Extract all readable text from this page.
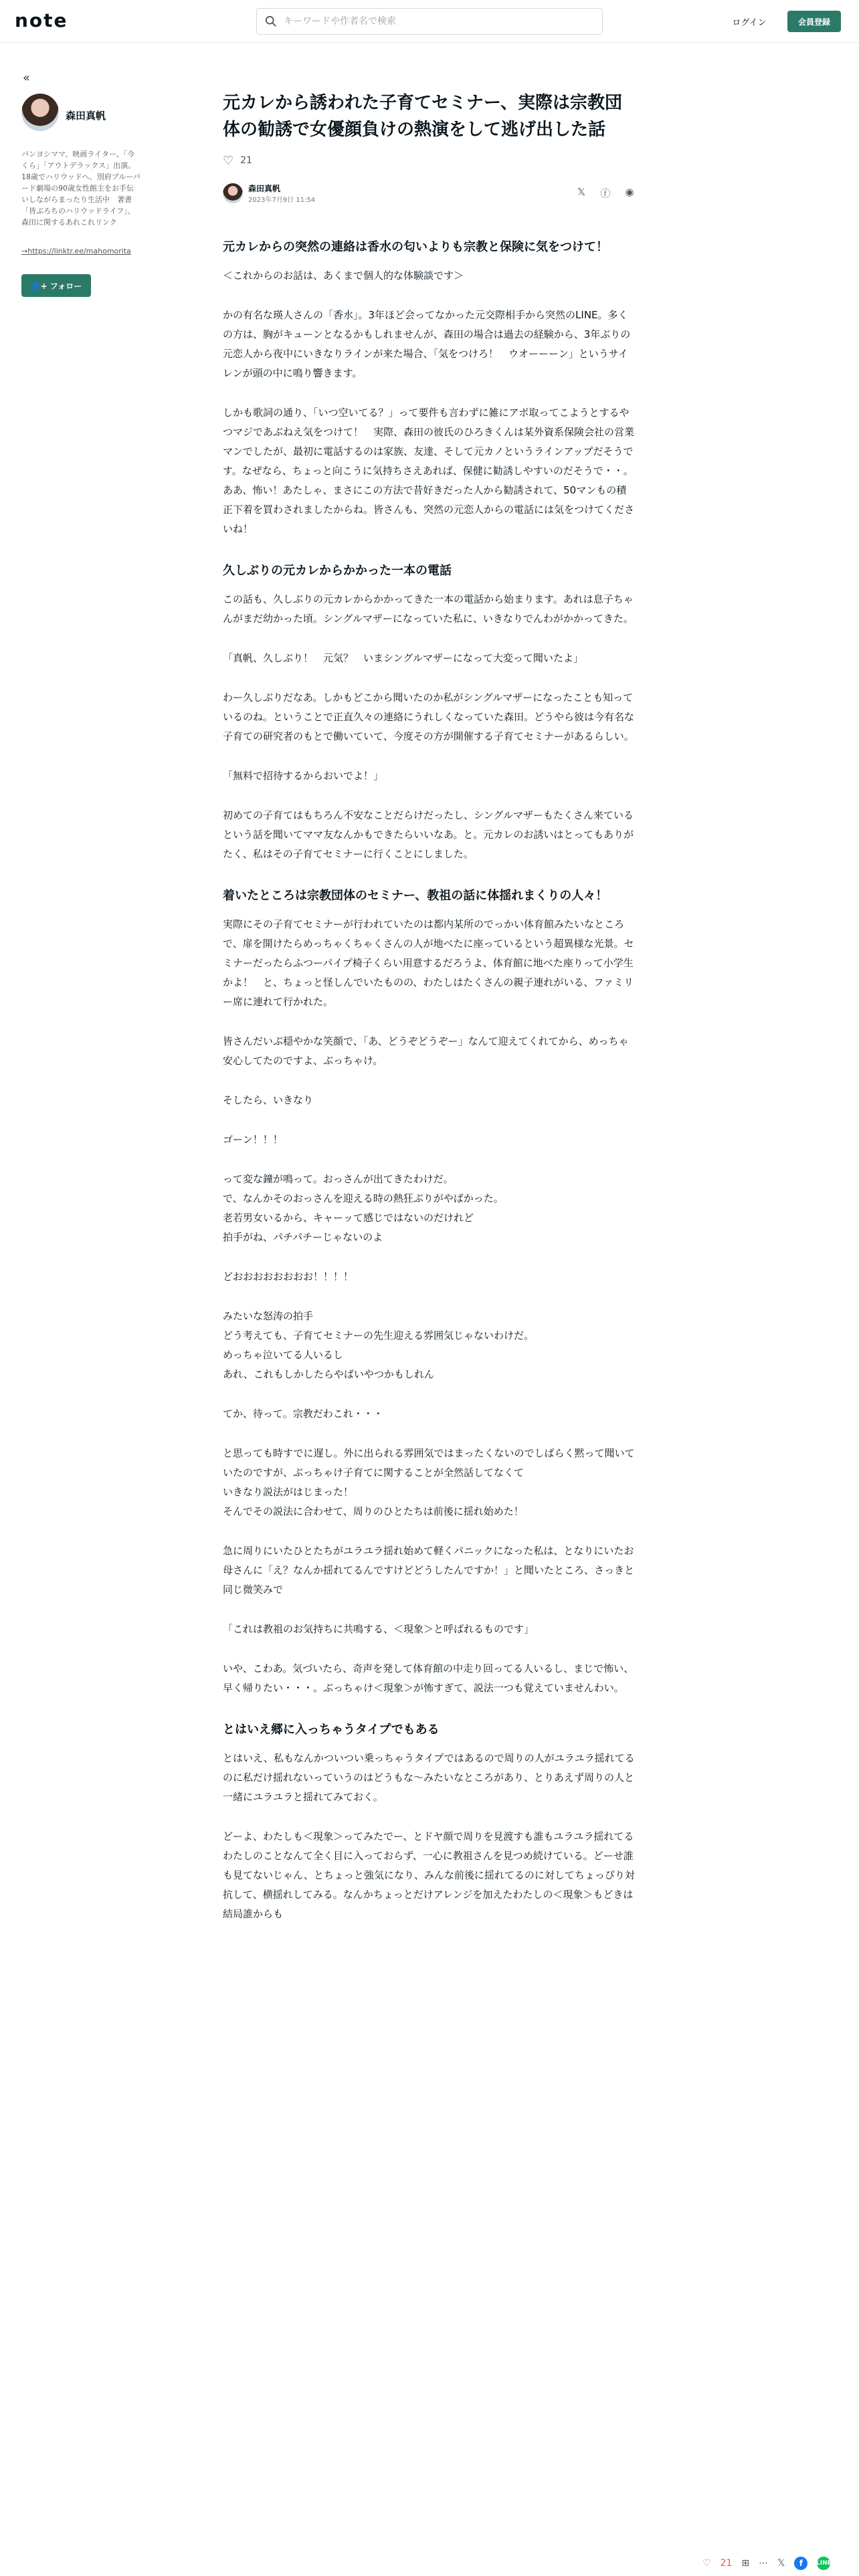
note
キーワードや作者名で検索	ログイン	会員登録
«
森田真帆
パンヨシママ、映画ライター、「今くら」「アウトデラックス」出演。18歳でハリウッドへ、別府ブルーバード劇場の90歳女性館主をお手伝いしながらまったり生活中　著書「皆ぶろちのハリウッドライフ」、森田に関するあれこれリンク
→https://linktr.ee/mahomorita
👤+ フォロー
元カレから誘われた子育てセミナー、実際は宗教団体の勧誘で女優顔負けの熱演をして逃げ出した話
♡ 21
森田真帆
2023年7月9日 11:54
𝕏 ⓕ ◉
元カレからの突然の連絡は香水の匂いよりも宗教と保険に気をつけて！

＜これからのお話は、あくまで個人的な体験談です＞

かの有名な瑛人さんの「香水」。3年ほど会ってなかった元交際相手から突然のLINE。多くの方は、胸がキューンとなるかもしれませんが、森田の場合は過去の経験から、3年ぶりの元恋人から夜中にいきなりラインが来た場合、「気をつけろ！　ウオーーーン」というサイレンが頭の中に鳴り響きます。

しかも歌詞の通り、「いつ空いてる？」って要件も言わずに雑にアポ取ってこようとするやつマジであぶねえ気をつけて！　実際、森田の彼氏のひろきくんは某外資系保険会社の営業マンでしたが、最初に電話するのは家族、友達、そして元カノというラインアップだそうです。なぜなら、ちょっと向こうに気持ちさえあれば、保健に勧誘しやすいのだそうで・・。ああ、怖い！あたしゃ、まさにこの方法で昔好きだった人から勧誘されて、50マンもの積正下着を買わされましたからね。皆さんも、突然の元恋人からの電話には気をつけてくださいね！

久しぶりの元カレからかかった一本の電話

この話も、久しぶりの元カレからかかってきた一本の電話から始まります。あれは息子ちゃんがまだ幼かった頃。シングルマザーになっていた私に、いきなりでんわがかかってきた。

「真帆、久しぶり！　元気？　いまシングルマザーになって大変って聞いたよ」

わー久しぶりだなあ。しかもどこから聞いたのか私がシングルマザーになったことも知っているのね。ということで正直久々の連絡にうれしくなっていた森田。どうやら彼は今有名な子育ての研究者のもとで働いていて、今度その方が開催する子育てセミナーがあるらしい。

「無料で招待するからおいでよ！」

初めての子育てはもちろん不安なことだらけだったし、シングルマザーもたくさん来ているという話を聞いてママ友なんかもできたらいいなあ。と。元カレのお誘いはとってもありがたく、私はその子育てセミナーに行くことにしました。

着いたところは宗教団体のセミナー、教祖の話に体揺れまくりの人々！

実際にその子育てセミナーが行われていたのは都内某所のでっかい体育館みたいなところで、扉を開けたらめっちゃくちゃくさんの人が地べたに座っているという超異様な光景。セミナーだったらふつーパイプ椅子くらい用意するだろうよ、体育館に地べた座りって小学生かよ！　と、ちょっと怪しんでいたものの、わたしはたくさんの親子連れがいる、ファミリー席に連れて行かれた。

皆さんだいぶ穏やかな笑顔で、「あ、どうぞどうぞー」なんて迎えてくれてから、めっちゃ安心してたのですよ、ぶっちゃけ。

そしたら、いきなり

ゴーン！！！

って変な鐘が鳴って。おっさんが出てきたわけだ。
で、なんかそのおっさんを迎える時の熱狂ぶりがやばかった。
老若男女いるから、キャーッて感じではないのだけれど
拍手がね、パチパチーじゃないのよ

どおおおおおおおお！！！！

みたいな怒涛の拍手
どう考えても、子育てセミナーの先生迎える雰囲気じゃないわけだ。
めっちゃ泣いてる人いるし
あれ、これもしかしたらやばいやつかもしれん

てか、待って。宗教だわこれ・・・

と思っても時すでに遅し。外に出られる雰囲気ではまったくないのでしばらく黙って聞いていたのですが、ぶっちゃけ子育てに関することが全然話してなくて
いきなり説法がはじまった！
そんでその説法に合わせて、周りのひとたちは前後に揺れ始めた！

急に周りにいたひとたちがユラユラ揺れ始めて軽くパニックになった私は、となりにいたお母さんに「え？なんか揺れてるんですけどどうしたんですか！」と聞いたところ、さっきと同じ微笑みで

「これは教祖のお気持ちに共鳴する、＜現象＞と呼ばれるものです」

いや、こわあ。気づいたら、奇声を発して体育館の中走り回ってる人いるし、まじで怖い、早く帰りたい・・・。ぶっちゃけ＜現象＞が怖すぎて、説法一つも覚えていませんわい。

とはいえ郷に入っちゃうタイプでもある

とはいえ、私もなんかついつい乗っちゃうタイプではあるので周りの人がユラユラ揺れてるのに私だけ揺れないっていうのはどうもな〜みたいなところがあり、とりあえず周りの人と一緒にユラユラと揺れてみておく。

どーよ、わたしも＜現象＞ってみたでー、とドヤ顔で周りを見渡すも誰もユラユラ揺れてるわたしのことなんて全く目に入っておらず、一心に教祖さんを見つめ続けている。どーせ誰も見てないじゃん、とちょっと強気になり、みんな前後に揺れてるのに対してちょっぴり対抗して、横揺れしてみる。なんかちょっとだけアレンジを加えたわたしの＜現象＞もどきは結局誰からも

♡ 21 ⊞ ⋯ 𝕏	f	LINE
